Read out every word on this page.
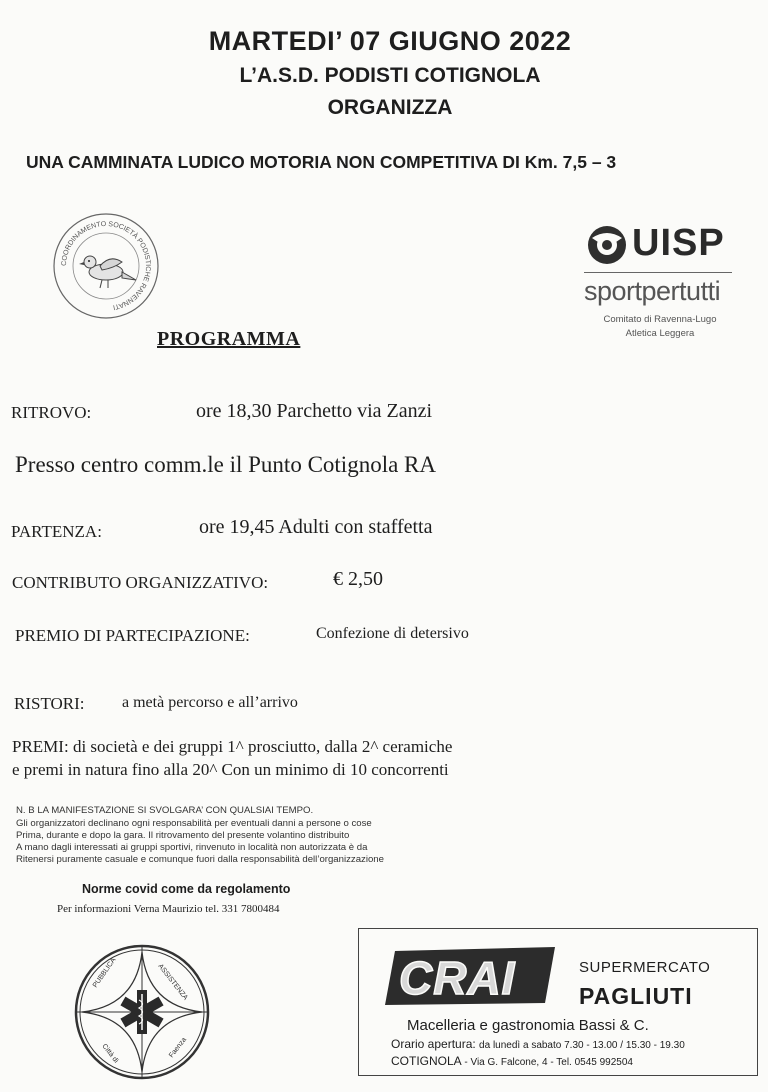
MARTEDI’ 07 GIUGNO 2022
L’A.S.D. PODISTI COTIGNOLA
ORGANIZZA
UNA CAMMINATA LUDICO MOTORIA NON COMPETITIVA DI Km. 7,5 – 3
COORDINAMENTO SOCIETÀ PODISTICHE RAVENNATI
UISP
sportpertutti
Comitato di Ravenna-Lugo
Atletica Leggera
PROGRAMMA
RITROVO:	ore 18,30 Parchetto via Zanzi
Presso centro comm.le il Punto Cotignola RA
PARTENZA:	ore 19,45 Adulti con staffetta
CONTRIBUTO ORGANIZZATIVO:	€ 2,50
PREMIO DI PARTECIPAZIONE:	Confezione di detersivo
RISTORI: a metà percorso e all’arrivo
PREMI: di società e dei gruppi 1^ prosciutto, dalla 2^ ceramiche
e premi in natura fino alla 20^ Con un minimo di 10 concorrenti
N. B LA MANIFESTAZIONE SI SVOLGARA’ CON QUALSIAI TEMPO.
Gli organizzatori declinano ogni responsabilità per eventuali danni a persone o cose
Prima, durante e dopo la gara. Il ritrovamento del presente volantino distribuito
A mano dagli interessati ai gruppi sportivi, rinvenuto in località non autorizzata è da
Ritenersi puramente casuale e comunque fuori dalla responsabilità dell’organizzazione
Norme covid come da regolamento
Per informazioni Verna Maurizio tel. 331 7800484
PUBBLICA	ASSISTENZA
Città di	Faenza
CRAI	SUPERMERCATO
PAGLIUTI
Macelleria e gastronomia Bassi & C.
Orario apertura: da lunedì a sabato 7.30 - 13.00 / 15.30 - 19.30
COTIGNOLA - Via G. Falcone, 4 - Tel. 0545 992504
